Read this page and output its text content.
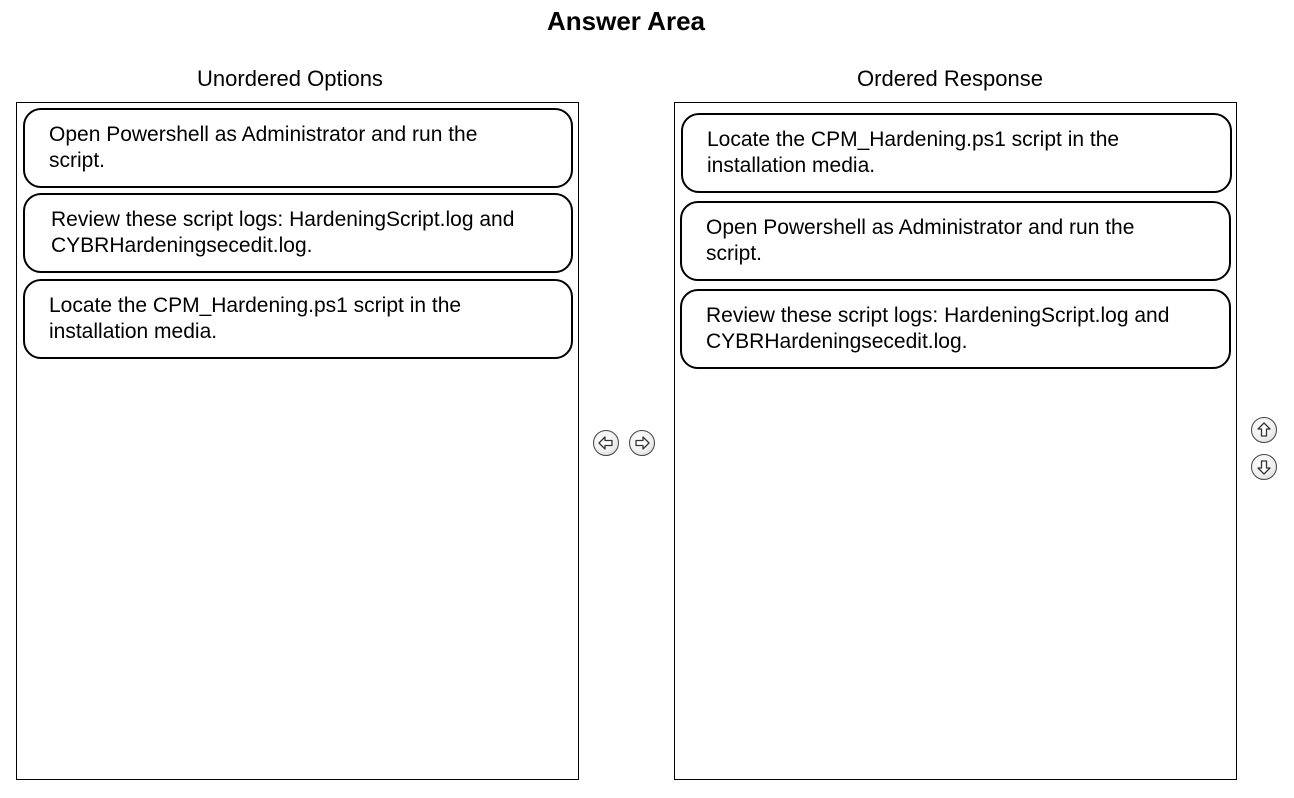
Answer Area
Unordered Options	Ordered Response
Open Powershell as Administrator and run the
script.
Review these script logs: HardeningScript.log and
CYBRHardeningsecedit.log.
Locate the CPM_Hardening.ps1 script in the
installation media.
Locate the CPM_Hardening.ps1 script in the
installation media.
Open Powershell as Administrator and run the
script.
Review these script logs: HardeningScript.log and
CYBRHardeningsecedit.log.
